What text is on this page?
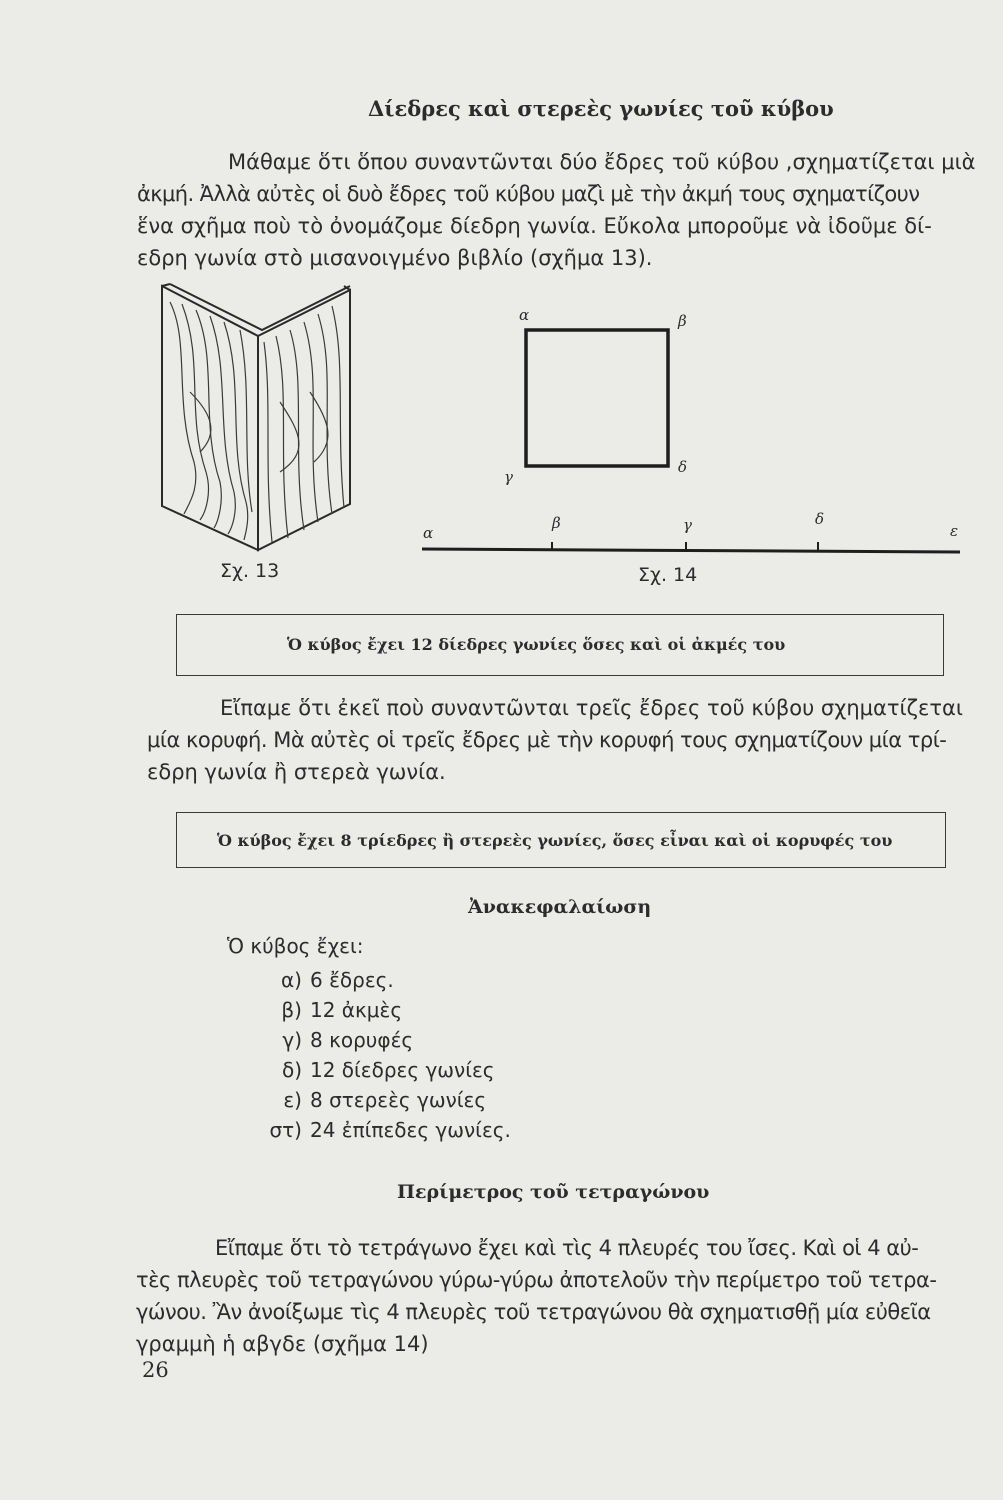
Δίεδρες καὶ στερεὲς γωνίες τοῦ κύβου
Μάθαμε ὅτι ὅπου συναντῶνται δύο ἔδρες τοῦ κύβου ,σχηματίζεται μιὰ
ἀκμή. Ἀλλὰ αὐτὲς οἱ δυὸ ἔδρες τοῦ κύβου μαζὶ μὲ τὴν ἀκμή τους σχηματίζουν
ἕνα σχῆμα ποὺ τὸ ὀνομάζομε δίεδρη γωνία. Εὔκολα μποροῦμε νὰ ἰδοῦμε δί-
εδρη γωνία στὸ μισανοιγμένο βιβλίο (σχῆμα 13).

Σχ. 13

α	β
γ
δ
α
β	γ	δ
ε

Σχ. 14

Ὁ κύβος ἔχει 12 δίεδρες γωνίες ὅσες καὶ οἱ ἀκμές του

Εἴπαμε ὅτι ἐκεῖ ποὺ συναντῶνται τρεῖς ἔδρες τοῦ κύβου σχηματίζεται
μία κορυφή. Μὰ αὐτὲς οἱ τρεῖς ἔδρες μὲ τὴν κορυφή τους σχηματίζουν μία τρί-
εδρη γωνία ἢ στερεὰ γωνία.

Ὁ κύβος ἔχει 8 τρίεδρες ἢ στερεὲς γωνίες, ὅσες εἶναι καὶ οἱ κορυφές του

Ἀνακεφαλαίωση

Ὁ κύβος ἔχει:

α) 6 ἔδρες.
β) 12 ἀκμὲς
γ) 8 κορυφές
δ) 12 δίεδρες γωνίες
ε) 8 στερεὲς γωνίες
στ) 24 ἐπίπεδες γωνίες.
Περίμετρος τοῦ τετραγώνου
Εἴπαμε ὅτι τὸ τετράγωνο ἔχει καὶ τὶς 4 πλευρές του ἴσες. Καὶ οἱ 4 αὐ-
τὲς πλευρὲς τοῦ τετραγώνου γύρω-γύρω ἀποτελοῦν τὴν περίμετρο τοῦ τετρα-
γώνου. Ἂν ἀνοίξωμε τὶς 4 πλευρὲς τοῦ τετραγώνου θὰ σχηματισθῇ μία εὐθεῖα
γραμμὴ ἡ αβγδε (σχῆμα 14)

26
